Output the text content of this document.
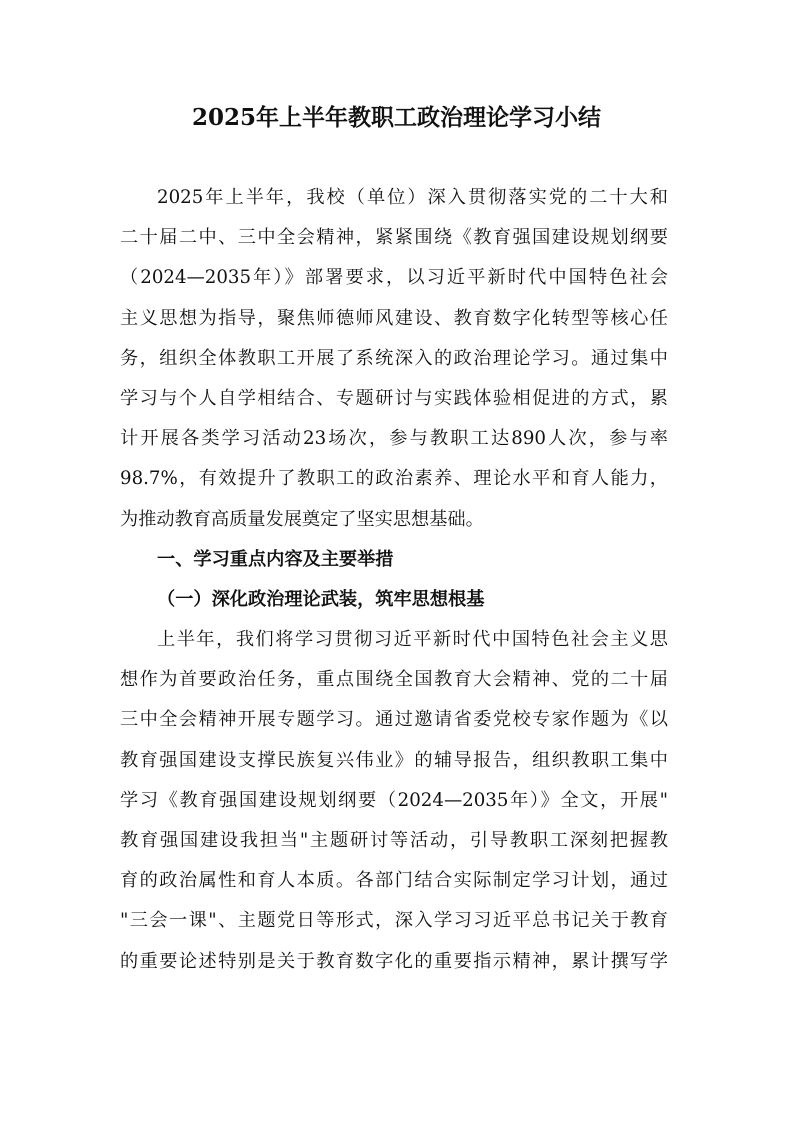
2025年上半年教职工政治理论学习小结
2025年上半年，我校（单位）深入贯彻落实党的二十大和
二十届二中、三中全会精神，紧紧围绕《教育强国建设规划纲要
（2024—2035年）》部署要求，以习近平新时代中国特色社会
主义思想为指导，聚焦师德师风建设、教育数字化转型等核心任
务，组织全体教职工开展了系统深入的政治理论学习。通过集中
学习与个人自学相结合、专题研讨与实践体验相促进的方式，累
计开展各类学习活动23场次，参与教职工达890人次，参与率
98.7%，有效提升了教职工的政治素养、理论水平和育人能力，
为推动教育高质量发展奠定了坚实思想基础。
一、学习重点内容及主要举措
（一）深化政治理论武装，筑牢思想根基
上半年，我们将学习贯彻习近平新时代中国特色社会主义思
想作为首要政治任务，重点围绕全国教育大会精神、党的二十届
三中全会精神开展专题学习。通过邀请省委党校专家作题为《以
教育强国建设支撑民族复兴伟业》的辅导报告，组织教职工集中
学习《教育强国建设规划纲要（2024—2035年）》全文，开展"
教育强国建设我担当"主题研讨等活动，引导教职工深刻把握教
育的政治属性和育人本质。各部门结合实际制定学习计划，通过
"三会一课"、主题党日等形式，深入学习习近平总书记关于教育
的重要论述特别是关于教育数字化的重要指示精神，累计撰写学
